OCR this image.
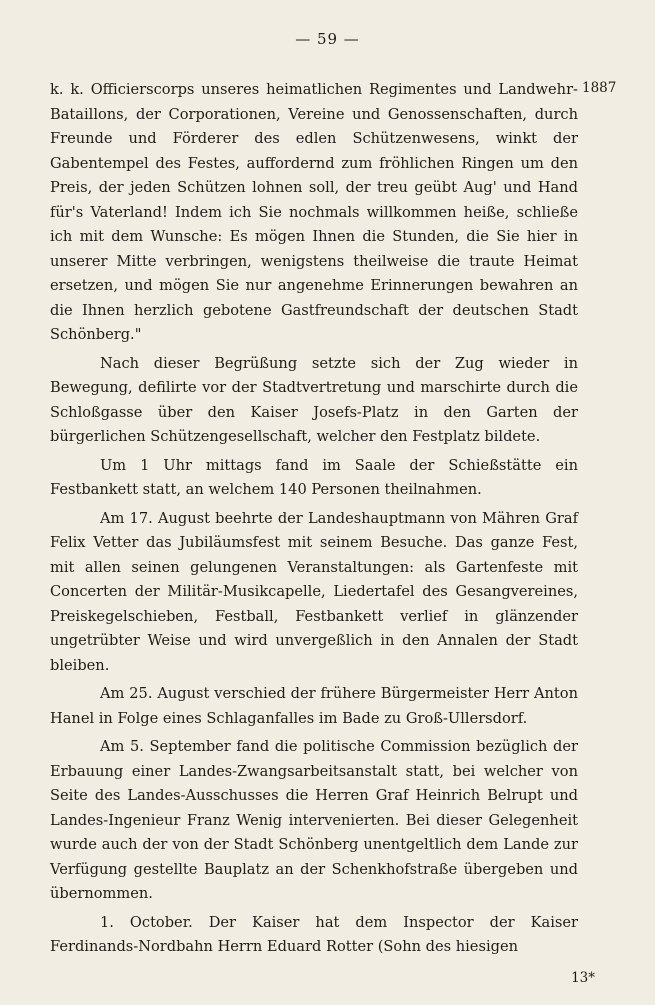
— 59 —
1887

k. k. Officierscorps unseres heimatlichen Regimentes und Landwehr-Bataillons, der Corporationen, Vereine und Genossenschaften, durch Freunde und Förderer des edlen Schützenwesens, winkt der Gabentempel des Festes, auffordernd zum fröhlichen Ringen um den Preis, der jeden Schützen lohnen soll, der treu geübt Aug' und Hand für's Vaterland! Indem ich Sie nochmals willkommen heiße, schließe ich mit dem Wunsche: Es mögen Ihnen die Stunden, die Sie hier in unserer Mitte verbringen, wenigstens theilweise die traute Heimat ersetzen, und mögen Sie nur angenehme Erinnerungen bewahren an die Ihnen herzlich gebotene Gastfreundschaft der deutschen Stadt Schönberg."

Nach dieser Begrüßung setzte sich der Zug wieder in Bewegung, defilirte vor der Stadtvertretung und marschirte durch die Schloßgasse über den Kaiser Josefs-Platz in den Garten der bürgerlichen Schützengesellschaft, welcher den Festplatz bildete.

Um 1 Uhr mittags fand im Saale der Schießstätte ein Festbankett statt, an welchem 140 Personen theilnahmen.

Am 17. August beehrte der Landeshauptmann von Mähren Graf Felix Vetter das Jubiläumsfest mit seinem Besuche. Das ganze Fest, mit allen seinen gelungenen Veranstaltungen: als Gartenfeste mit Concerten der Militär-Musikcapelle, Liedertafel des Gesangvereines, Preiskegelschieben, Festball, Festbankett verlief in glänzender ungetrübter Weise und wird unvergeßlich in den Annalen der Stadt bleiben.

Am 25. August verschied der frühere Bürgermeister Herr Anton Hanel in Folge eines Schlaganfalles im Bade zu Groß-Ullersdorf.

Am 5. September fand die politische Commission bezüglich der Erbauung einer Landes-Zwangsarbeitsanstalt statt, bei welcher von Seite des Landes-Ausschusses die Herren Graf Heinrich Belrupt und Landes-Ingenieur Franz Wenig intervenierten. Bei dieser Gelegenheit wurde auch der von der Stadt Schönberg unentgeltlich dem Lande zur Verfügung gestellte Bauplatz an der Schenkhofstraße übergeben und übernommen.

1. October. Der Kaiser hat dem Inspector der Kaiser Ferdinands-Nordbahn Herrn Eduard Rotter (Sohn des hiesigen

13*
